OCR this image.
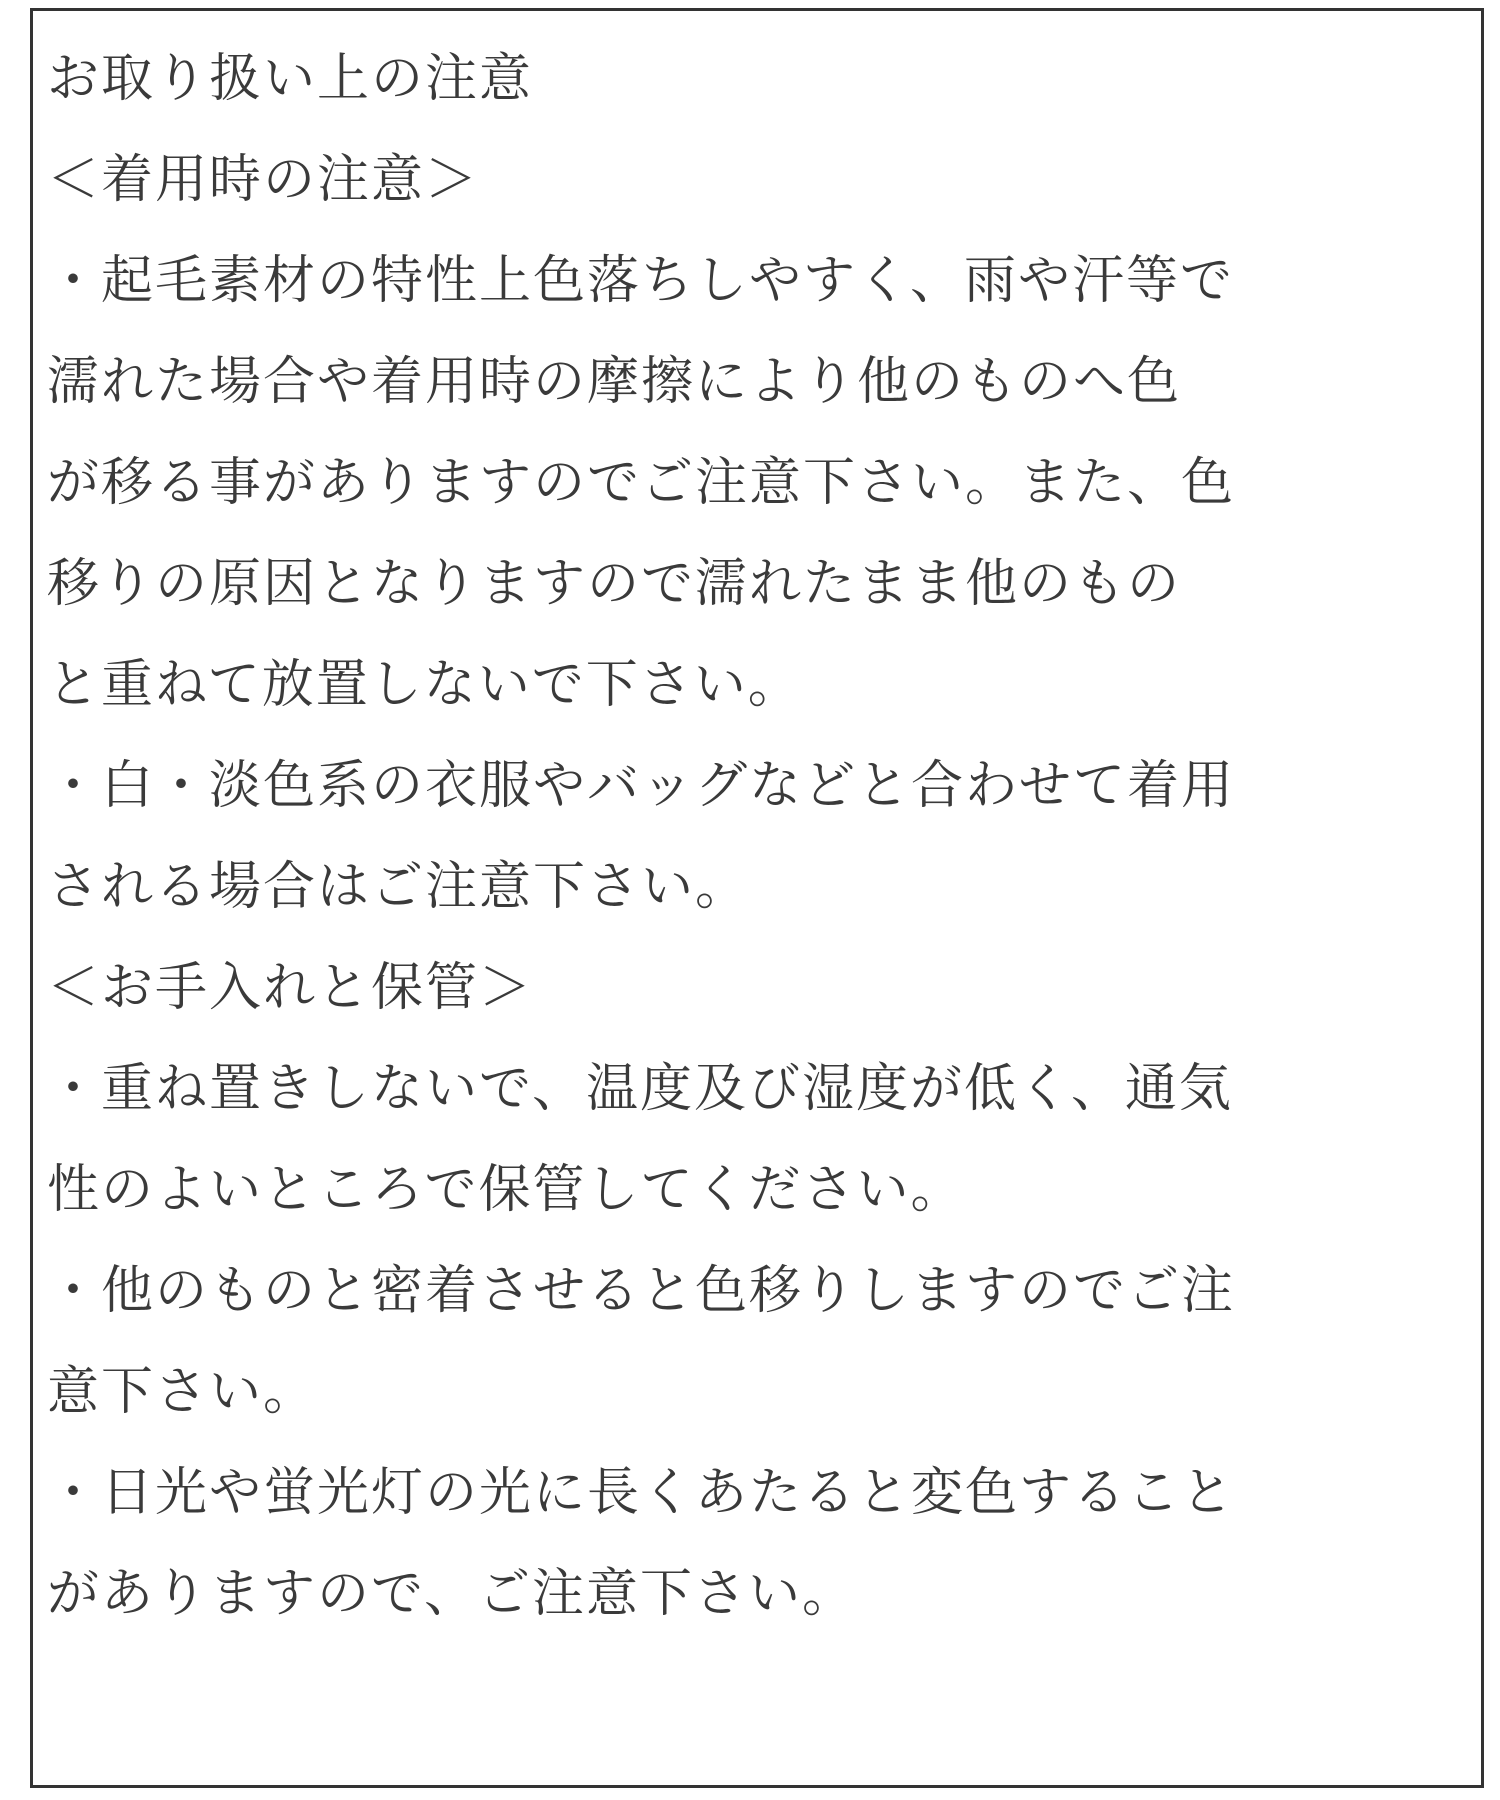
お取り扱い上の注意
＜着用時の注意＞
・起毛素材の特性上色落ちしやすく、雨や汗等で
濡れた場合や着用時の摩擦により他のものへ色
が移る事がありますのでご注意下さい。また、色
移りの原因となりますので濡れたまま他のもの
と重ねて放置しないで下さい。
・白・淡色系の衣服やバッグなどと合わせて着用
される場合はご注意下さい。
＜お手入れと保管＞
・重ね置きしないで、温度及び湿度が低く、通気
性のよいところで保管してください。
・他のものと密着させると色移りしますのでご注
意下さい。
・日光や蛍光灯の光に長くあたると変色すること
がありますので、ご注意下さい。
